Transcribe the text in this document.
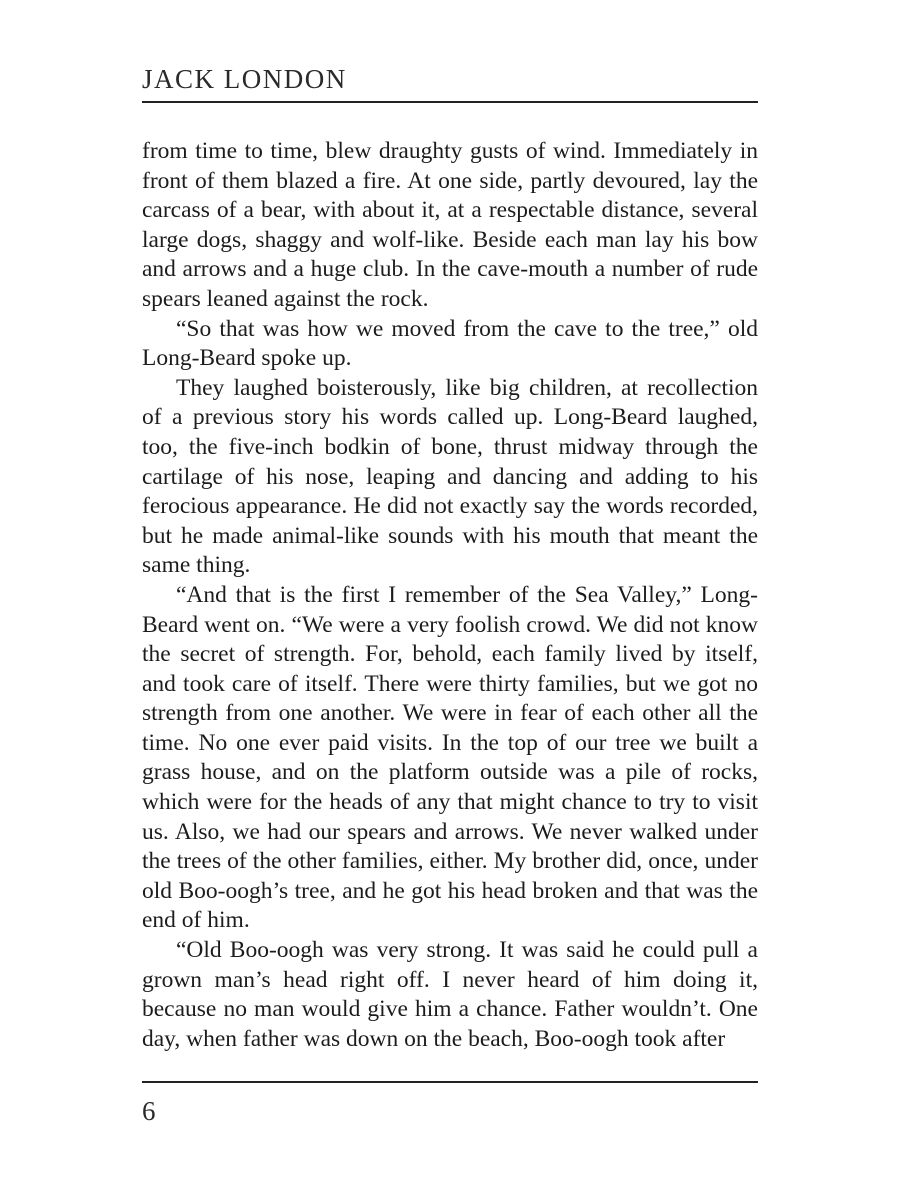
JACK LONDON

from time to time, blew draughty gusts of wind. Immediately in front of them blazed a fire. At one side, partly devoured, lay the carcass of a bear, with about it, at a respectable distance, several large dogs, shaggy and wolf-like. Beside each man lay his bow and arrows and a huge club. In the cave-mouth a number of rude spears leaned against the rock.

“So that was how we moved from the cave to the tree,” old Long-Beard spoke up.

They laughed boisterously, like big children, at recollection of a previous story his words called up. Long-Beard laughed, too, the five-inch bodkin of bone, thrust midway through the cartilage of his nose, leaping and dancing and adding to his ferocious appearance. He did not exactly say the words recorded, but he made animal-like sounds with his mouth that meant the same thing.

“And that is the first I remember of the Sea Valley,” Long-Beard went on. “We were a very foolish crowd. We did not know the secret of strength. For, behold, each family lived by itself, and took care of itself. There were thirty families, but we got no strength from one another. We were in fear of each other all the time. No one ever paid visits. In the top of our tree we built a grass house, and on the platform outside was a pile of rocks, which were for the heads of any that might chance to try to visit us. Also, we had our spears and arrows. We never walked under the trees of the other families, either. My brother did, once, under old Boo-oogh’s tree, and he got his head broken and that was the end of him.

“Old Boo-oogh was very strong. It was said he could pull a grown man’s head right off. I never heard of him doing it, because no man would give him a chance. Father wouldn’t. One day, when father was down on the beach, Boo-oogh took after

6
